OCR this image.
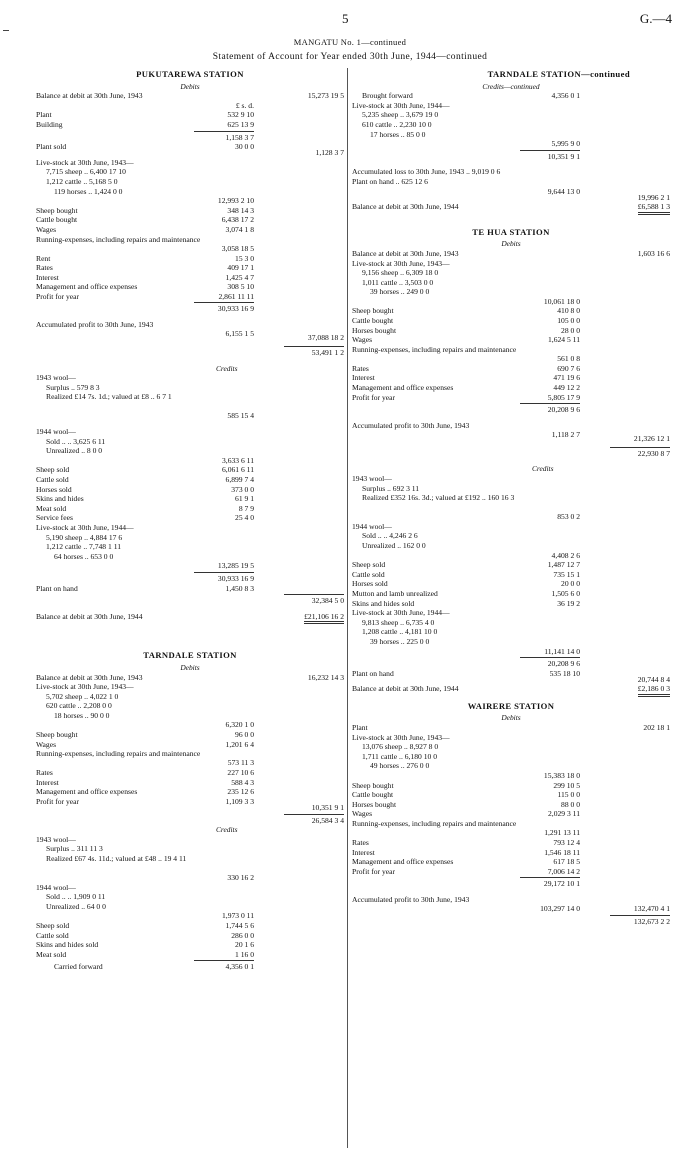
5	G.—4
MANGATU No. 1—continued
Statement of Account for Year ended 30th June, 1944—continued
PUKUTAREWA STATION
Debits
Balance at debit at 30th June, 1943	15,273 19 5
£ s. d.
Plant	532 9 10
Building	625 13 9
1,158 3 7
Plant sold	30 0 0
1,128 3 7
Live-stock at 30th June, 1943—
7,715 sheep .. 6,400 17 10
1,212 cattle .. 5,168 5 0
119 horses .. 1,424 0 0
12,993 2 10
Sheep bought	348 14 3
Cattle bought	6,438 17 2
Wages	3,074 1 8
Running-expenses, including repairs and maintenance
3,058 18 5
Rent	15 3 0
Rates	409 17 1
Interest	1,425 4 7
Management and office expenses	308 5 10
Profit for year	2,861 11 11
30,933 16 9
Accumulated profit to 30th June, 1943
6,155 1 5	37,088 18 2
53,491 1 2
Credits
1943 wool—
Surplus .. 579 8 3
Realized £14 7s. 1d.; valued at £8 .. 6 7 1
585 15 4
1944 wool—
Sold .. .. 3,625 6 11
Unrealized .. 8 0 0
3,633 6 11
Sheep sold	6,061 6 11
Cattle sold	6,899 7 4
Horses sold	373 0 0
Skins and hides	61 9 1
Meat sold	8 7 9
Service fees	25 4 0
Live-stock at 30th June, 1944—
5,190 sheep .. 4,884 17 6
1,212 cattle .. 7,748 1 11
64 horses .. 653 0 0
13,285 19 5
30,933 16 9
Plant on hand	1,450 8 3
32,384 5 0
Balance at debit at 30th June, 1944	£21,106 16 2
TARNDALE STATION
Debits
Balance at debit at 30th June, 1943	16,232 14 3
Live-stock at 30th June, 1943—
5,702 sheep .. 4,022 1 0
620 cattle .. 2,208 0 0
18 horses .. 90 0 0
6,320 1 0
Sheep bought	96 0 0
Wages	1,201 6 4
Running-expenses, including repairs and maintenance
573 11 3
Rates	227 10 6
Interest	588 4 3
Management and office expenses	235 12 6
Profit for year	1,109 3 3
10,351 9 1
26,584 3 4
Credits
1943 wool—
Surplus .. 311 11 3
Realized £67 4s. 11d.; valued at £48 .. 19 4 11
330 16 2
1944 wool—
Sold .. .. 1,909 0 11
Unrealized .. 64 0 0
1,973 0 11
Sheep sold	1,744 5 6
Cattle sold	286 0 0
Skins and hides sold	20 1 6
Meat sold	1 16 0
Carried forward	4,356 0 1
TARNDALE STATION—continued
Credits—continued
Brought forward	4,356 0 1
Live-stock at 30th June, 1944—
5,235 sheep .. 3,679 19 0
610 cattle .. 2,230 10 0
17 horses .. 85 0 0
5,995 9 0
10,351 9 1
Accumulated loss to 30th June, 1943 .. 9,019 0 6
Plant on hand .. 625 12 6
9,644 13 0
19,996 2 1
Balance at debit at 30th June, 1944	£6,588 1 3
TE HUA STATION
Debits
Balance at debit at 30th June, 1943	1,603 16 6
Live-stock at 30th June, 1943—
9,156 sheep .. 6,309 18 0
1,011 cattle .. 3,503 0 0
39 horses .. 249 0 0
10,061 18 0
Sheep bought	410 8 0
Cattle bought	105 0 0
Horses bought	28 0 0
Wages	1,624 5 11
Running-expenses, including repairs and maintenance
561 0 8
Rates	690 7 6
Interest	471 19 6
Management and office expenses	449 12 2
Profit for year	5,805 17 9
20,208 9 6
Accumulated profit to 30th June, 1943
1,118 2 7	21,326 12 1
22,930 8 7
Credits
1943 wool—
Surplus .. 692 3 11
Realized £352 16s. 3d.; valued at £192 .. 160 16 3
853 0 2
1944 wool—
Sold .. .. 4,246 2 6
Unrealized .. 162 0 0
4,408 2 6
Sheep sold	1,487 12 7
Cattle sold	735 15 1
Horses sold	20 0 0
Mutton and lamb unrealized	1,505 6 0
Skins and hides sold	36 19 2
Live-stock at 30th June, 1944—
9,813 sheep .. 6,735 4 0
1,208 cattle .. 4,181 10 0
39 horses .. 225 0 0
11,141 14 0
20,208 9 6
Plant on hand	535 18 10
20,744 8 4
Balance at debit at 30th June, 1944	£2,186 0 3
WAIRERE STATION
Debits
Plant	202 18 1
Live-stock at 30th June, 1943—
13,076 sheep .. 8,927 8 0
1,711 cattle .. 6,180 10 0
49 horses .. 276 0 0
15,383 18 0
Sheep bought	299 10 5
Cattle bought	115 0 0
Horses bought	88 0 0
Wages	2,029 3 11
Running-expenses, including repairs and maintenance
1,291 13 11
Rates	793 12 4
Interest	1,546 18 11
Management and office expenses	617 18 5
Profit for year	7,006 14 2
29,172 10 1
Accumulated profit to 30th June, 1943
103,297 14 0	132,470 4 1
132,673 2 2
